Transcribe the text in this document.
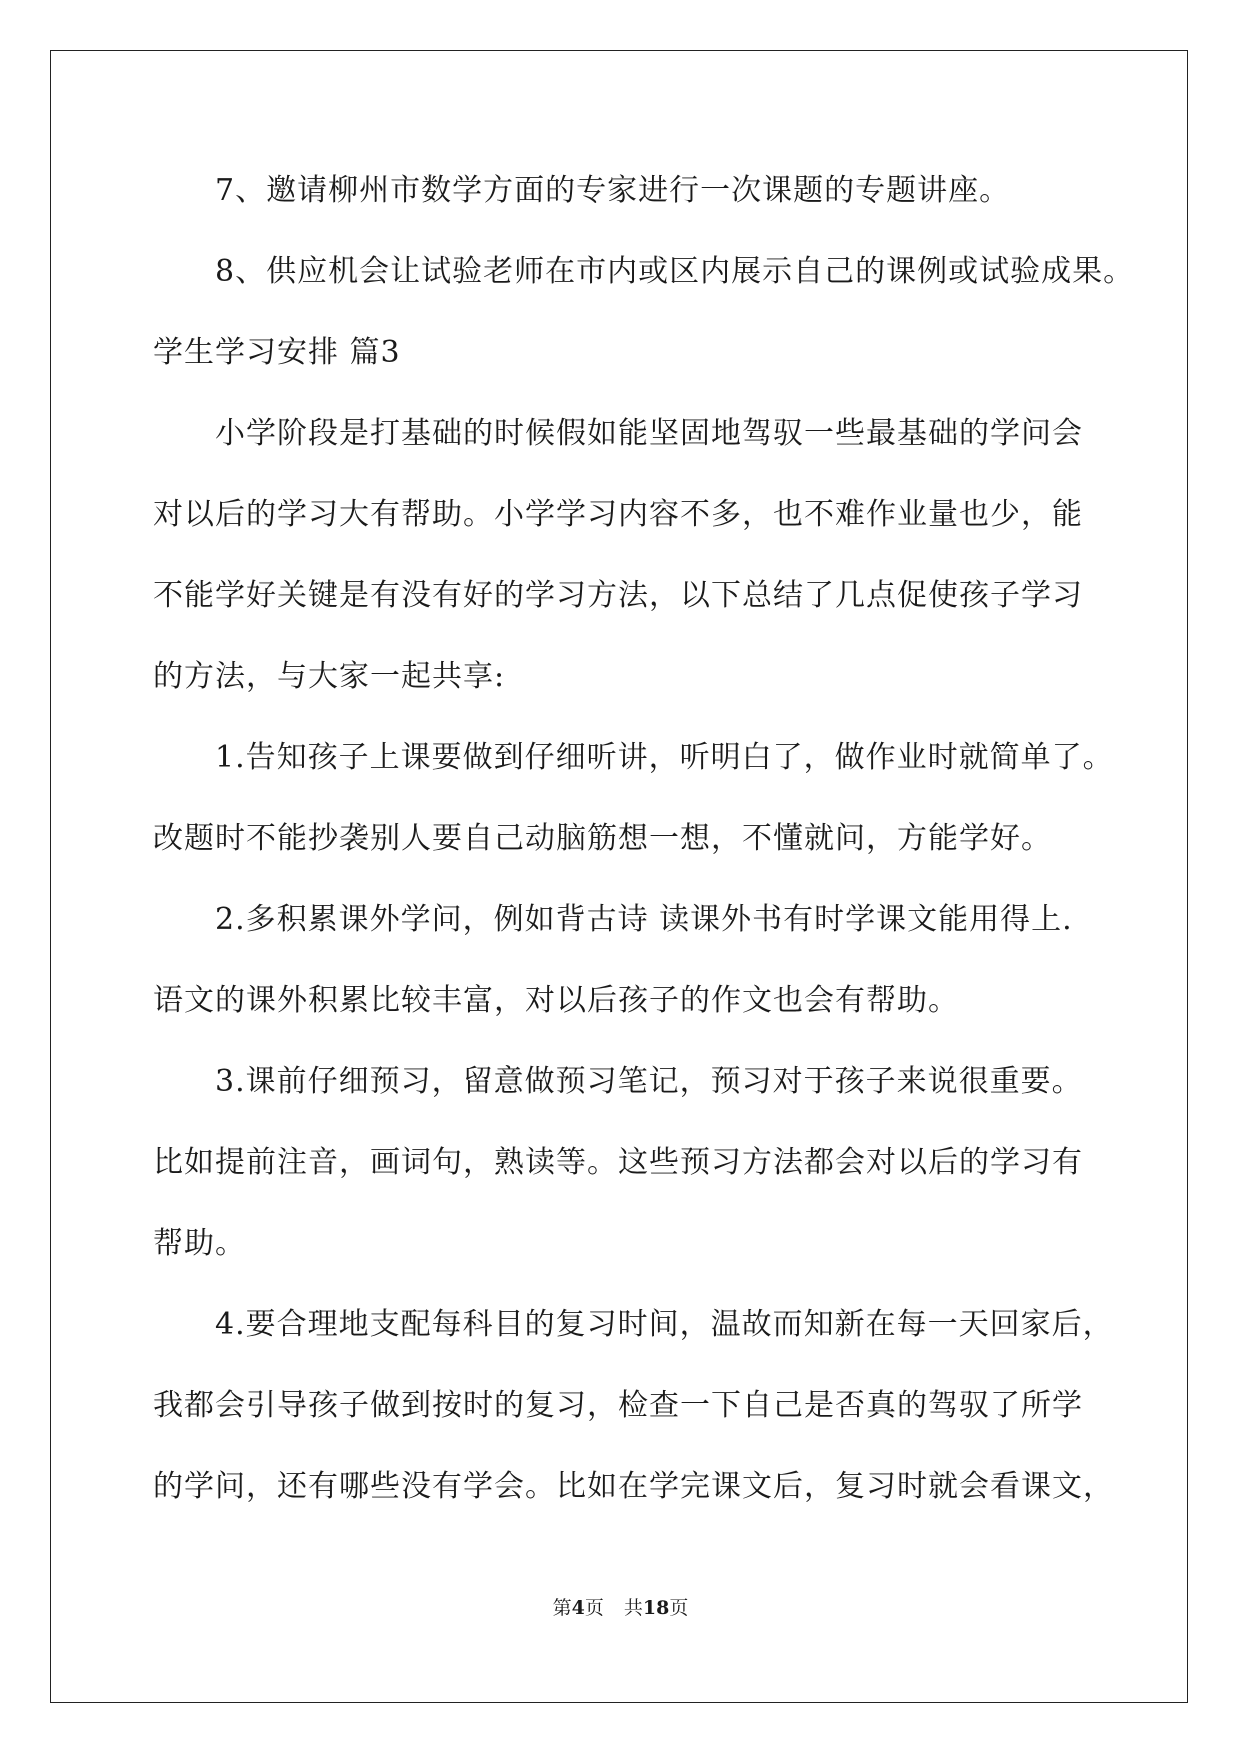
7、邀请柳州市数学方面的专家进行一次课题的专题讲座。
8、供应机会让试验老师在市内或区内展示自己的课例或试验成果。
学生学习安排 篇3
小学阶段是打基础的时候假如能坚固地驾驭一些最基础的学问会
对以后的学习大有帮助。小学学习内容不多，也不难作业量也少，能
不能学好关键是有没有好的学习方法，以下总结了几点促使孩子学习
的方法，与大家一起共享:
1.告知孩子上课要做到仔细听讲，听明白了，做作业时就简单了。
改题时不能抄袭别人要自己动脑筋想一想，不懂就问，方能学好。
2.多积累课外学问，例如背古诗 读课外书有时学课文能用得上.
语文的课外积累比较丰富，对以后孩子的作文也会有帮助。
3.课前仔细预习，留意做预习笔记，预习对于孩子来说很重要。
比如提前注音，画词句，熟读等。这些预习方法都会对以后的学习有
帮助。
4.要合理地支配每科目的复习时间，温故而知新在每一天回家后，
我都会引导孩子做到按时的复习，检查一下自己是否真的驾驭了所学
的学问，还有哪些没有学会。比如在学完课文后，复习时就会看课文，
第4页 共18页
